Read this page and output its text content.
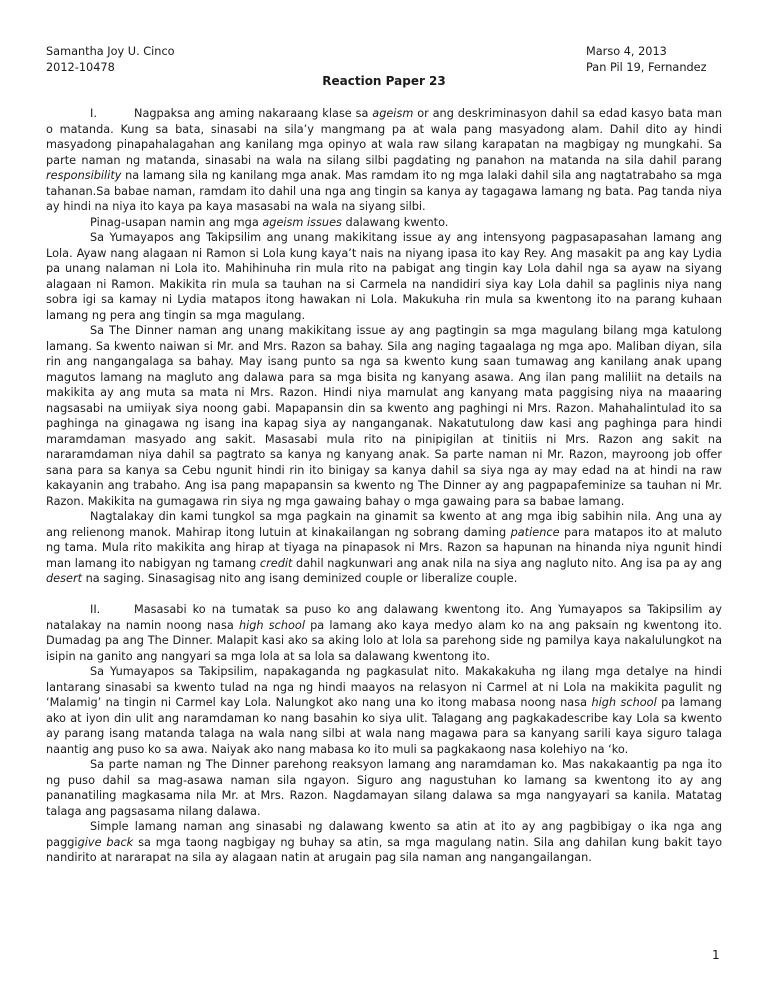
Samantha Joy U. Cinco
2012-10478
Marso 4, 2013
Pan Pil 19, Fernandez
Reaction Paper 23

I.	Nagpaksa ang aming nakaraang klase sa ageism or ang deskriminasyon dahil sa edad kasyo bata man o matanda. Kung sa bata, sinasabi na sila’y mangmang pa at wala pang masyadong alam. Dahil dito ay hindi masyadong pinapahalagahan ang kanilang mga opinyo at wala raw silang karapatan na magbigay ng mungkahi. Sa parte naman ng matanda, sinasabi na wala na silang silbi pagdating ng panahon na matanda na sila dahil parang responsibility na lamang sila ng kanilang mga anak. Mas ramdam ito ng mga lalaki dahil sila ang nagtatrabaho sa mga tahanan.Sa babae naman, ramdam ito dahil una nga ang tingin sa kanya ay tagagawa lamang ng bata. Pag tanda niya ay hindi na niya ito kaya pa kaya masasabi na wala na siyang silbi.

Pinag-usapan namin ang mga ageism issues dalawang kwento.

Sa Yumayapos ang Takipsilim ang unang makikitang issue ay ang intensyong pagpasapasahan lamang ang Lola. Ayaw nang alagaan ni Ramon si Lola kung kaya’t nais na niyang ipasa ito kay Rey. Ang masakit pa ang kay Lydia pa unang nalaman ni Lola ito. Mahihinuha rin mula rito na pabigat ang tingin kay Lola dahil nga sa ayaw na siyang alagaan ni Ramon. Makikita rin mula sa tauhan na si Carmela na nandidiri siya kay Lola dahil sa paglinis niya nang sobra igi sa kamay ni Lydia matapos itong hawakan ni Lola. Makukuha rin mula sa kwentong ito na parang kuhaan lamang ng pera ang tingin sa mga magulang.

Sa The Dinner naman ang unang makikitang issue ay ang pagtingin sa mga magulang bilang mga katulong lamang. Sa kwento naiwan si Mr. and Mrs. Razon sa bahay. Sila ang naging tagaalaga ng mga apo. Maliban diyan, sila rin ang nangangalaga sa bahay. May isang punto sa nga sa kwento kung saan tumawag ang kanilang anak upang magutos lamang na magluto ang dalawa para sa mga bisita ng kanyang asawa. Ang ilan pang maliliit na details na makikita ay ang muta sa mata ni Mrs. Razon. Hindi niya mamulat ang kanyang mata paggising niya na maaaring nagsasabi na umiiyak siya noong gabi. Mapapansin din sa kwento ang paghingi ni Mrs. Razon. Mahahalintulad ito sa paghinga na ginagawa ng isang ina kapag siya ay nanganganak. Nakatutulong daw kasi ang paghinga para hindi maramdaman masyado ang sakit. Masasabi mula rito na pinipigilan at tinitiis ni Mrs. Razon ang sakit na nararamdaman niya dahil sa pagtrato sa kanya ng kanyang anak. Sa parte naman ni Mr. Razon, mayroong job offer sana para sa kanya sa Cebu ngunit hindi rin ito binigay sa kanya dahil sa siya nga ay may edad na at hindi na raw kakayanin ang trabaho. Ang isa pang mapapansin sa kwento ng The Dinner ay ang pagpapafeminize sa tauhan ni Mr. Razon. Makikita na gumagawa rin siya ng mga gawaing bahay o mga gawaing para sa babae lamang.

Nagtalakay din kami tungkol sa mga pagkain na ginamit sa kwento at ang mga ibig sabihin nila. Ang una ay ang relienong manok. Mahirap itong lutuin at kinakailangan ng sobrang daming patience para matapos ito at maluto ng tama. Mula rito makikita ang hirap at tiyaga na pinapasok ni Mrs. Razon sa hapunan na hinanda niya ngunit hindi man lamang ito nabigyan ng tamang credit dahil nagkunwari ang anak nila na siya ang nagluto nito. Ang isa pa ay ang desert na saging. Sinasagisag nito ang isang deminized couple or liberalize couple.

II.	Masasabi ko na tumatak sa puso ko ang dalawang kwentong ito. Ang Yumayapos sa Takipsilim ay natalakay na namin noong nasa high school pa lamang ako kaya medyo alam ko na ang paksain ng kwentong ito. Dumadag pa ang The Dinner. Malapit kasi ako sa aking lolo at lola sa parehong side ng pamilya kaya nakalulungkot na isipin na ganito ang nangyari sa mga lola at sa lola sa dalawang kwentong ito.

Sa Yumayapos sa Takipsilim, napakaganda ng pagkasulat nito. Makakakuha ng ilang mga detalye na hindi lantarang sinasabi sa kwento tulad na nga ng hindi maayos na relasyon ni Carmel at ni Lola na makikita pagulit ng ‘Malamig’ na tingin ni Carmel kay Lola. Nalungkot ako nang una ko itong mabasa noong nasa high school pa lamang ako at iyon din ulit ang naramdaman ko nang basahin ko siya ulit. Talagang ang pagkakadescribe kay Lola sa kwento ay parang isang matanda talaga na wala nang silbi at wala nang magawa para sa kanyang sarili kaya siguro talaga naantig ang puso ko sa awa. Naiyak ako nang mabasa ko ito muli sa pagkakaong nasa kolehiyo na ‘ko.

Sa parte naman ng The Dinner parehong reaksyon lamang ang naramdaman ko. Mas nakakaantig pa nga ito ng puso dahil sa mag-asawa naman sila ngayon. Siguro ang nagustuhan ko lamang sa kwentong ito ay ang pananatiling magkasama nila Mr. at Mrs. Razon. Nagdamayan silang dalawa sa mga nangyayari sa kanila. Matatag talaga ang pagsasama nilang dalawa.

Simple lamang naman ang sinasabi ng dalawang kwento sa atin at ito ay ang pagbibigay o ika nga ang paggigive back sa mga taong nagbigay ng buhay sa atin, sa mga magulang natin. Sila ang dahilan kung bakit tayo nandirito at nararapat na sila ay alagaan natin at arugain pag sila naman ang nangangailangan.

1
